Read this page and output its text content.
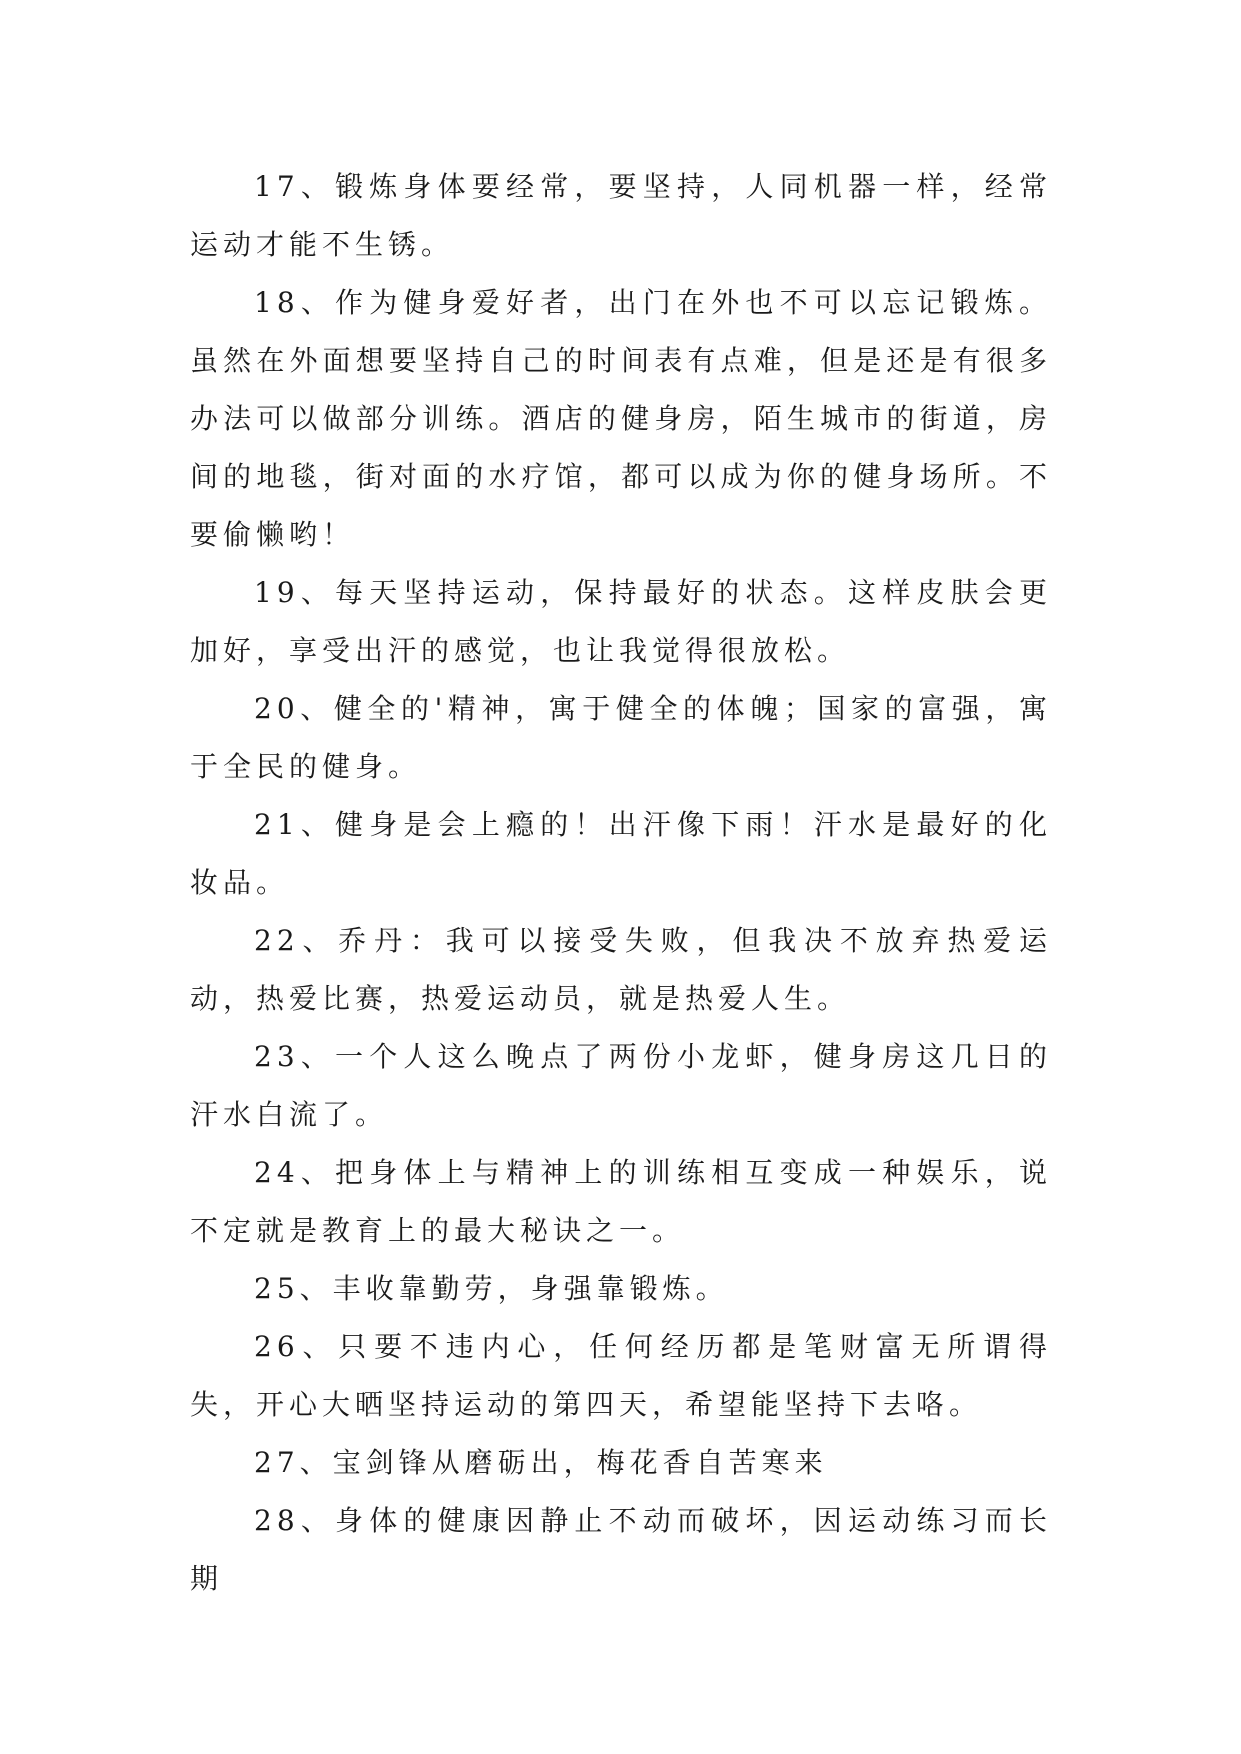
17、锻炼身体要经常，要坚持，人同机器一样，经常运动才能不生锈。

18、作为健身爱好者，出门在外也不可以忘记锻炼。虽然在外面想要坚持自己的时间表有点难，但是还是有很多办法可以做部分训练。酒店的健身房，陌生城市的街道，房间的地毯，街对面的水疗馆，都可以成为你的健身场所。不要偷懒哟！

19、每天坚持运动，保持最好的状态。这样皮肤会更加好，享受出汗的感觉，也让我觉得很放松。

20、健全的'精神，寓于健全的体魄；国家的富强，寓于全民的健身。

21、健身是会上瘾的！出汗像下雨！汗水是最好的化妆品。

22、乔丹：我可以接受失败，但我决不放弃热爱运动，热爱比赛，热爱运动员，就是热爱人生。

23、一个人这么晚点了两份小龙虾，健身房这几日的汗水白流了。

24、把身体上与精神上的训练相互变成一种娱乐，说不定就是教育上的最大秘诀之一。

25、丰收靠勤劳，身强靠锻炼。

26、只要不违内心，任何经历都是笔财富无所谓得失，开心大晒坚持运动的第四天，希望能坚持下去咯。

27、宝剑锋从磨砺出，梅花香自苦寒来

28、身体的健康因静止不动而破坏，因运动练习而长期
